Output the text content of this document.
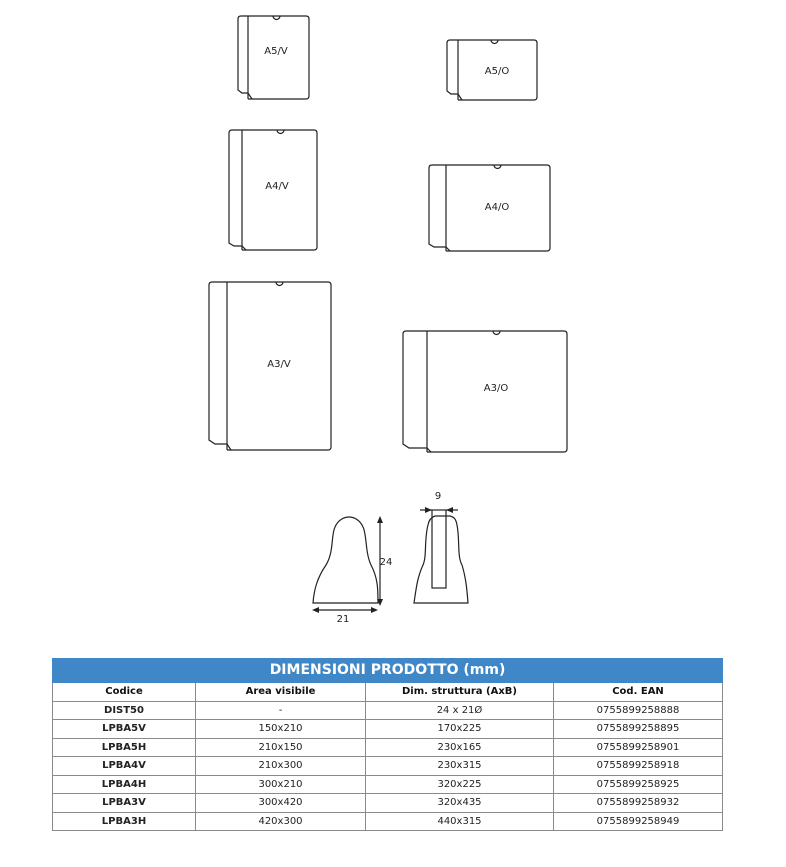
A5/V
A5/O
A4/V
A4/O
A3/V
A3/O
24
21
9
DIMENSIONI PRODOTTO (mm)			
Codice	Area visibile	Dim. struttura (AxB)	Cod. EAN
DIST50	-	24 x 21Ø	0755899258888
LPBA5V	150x210	170x225	0755899258895
LPBA5H	210x150	230x165	0755899258901
LPBA4V	210x300	230x315	0755899258918
LPBA4H	300x210	320x225	0755899258925
LPBA3V	300x420	320x435	0755899258932
LPBA3H	420x300	440x315	0755899258949
